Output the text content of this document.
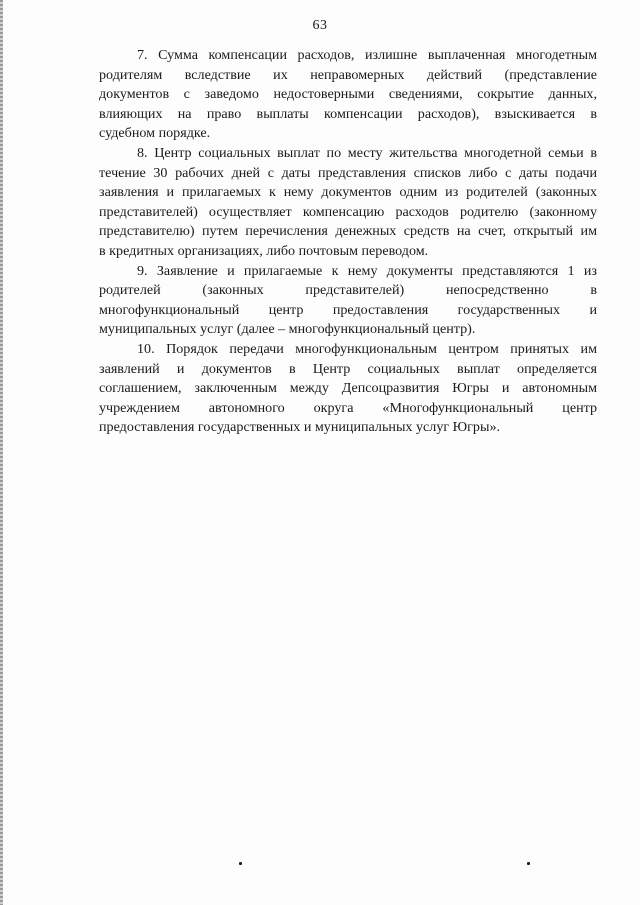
63
7. Сумма компенсации расходов, излишне выплаченная многодетным
родителям вследствие их неправомерных действий (представление
документов с заведомо недостоверными сведениями, сокрытие данных,
влияющих на право выплаты компенсации расходов), взыскивается в
судебном порядке.
8. Центр социальных выплат по месту жительства многодетной семьи в
течение 30 рабочих дней с даты представления списков либо с даты подачи
заявления и прилагаемых к нему документов одним из родителей (законных
представителей) осуществляет компенсацию расходов родителю (законному
представителю) путем перечисления денежных средств на счет, открытый им
в кредитных организациях, либо почтовым переводом.
9. Заявление и прилагаемые к нему документы представляются 1 из
родителей (законных представителей) непосредственно в
многофункциональный центр предоставления государственных и
муниципальных услуг (далее – многофункциональный центр).
10. Порядок передачи многофункциональным центром принятых им
заявлений и документов в Центр социальных выплат определяется
соглашением, заключенным между Депсоцразвития Югры и автономным
учреждением автономного округа «Многофункциональный центр
предоставления государственных и муниципальных услуг Югры».
